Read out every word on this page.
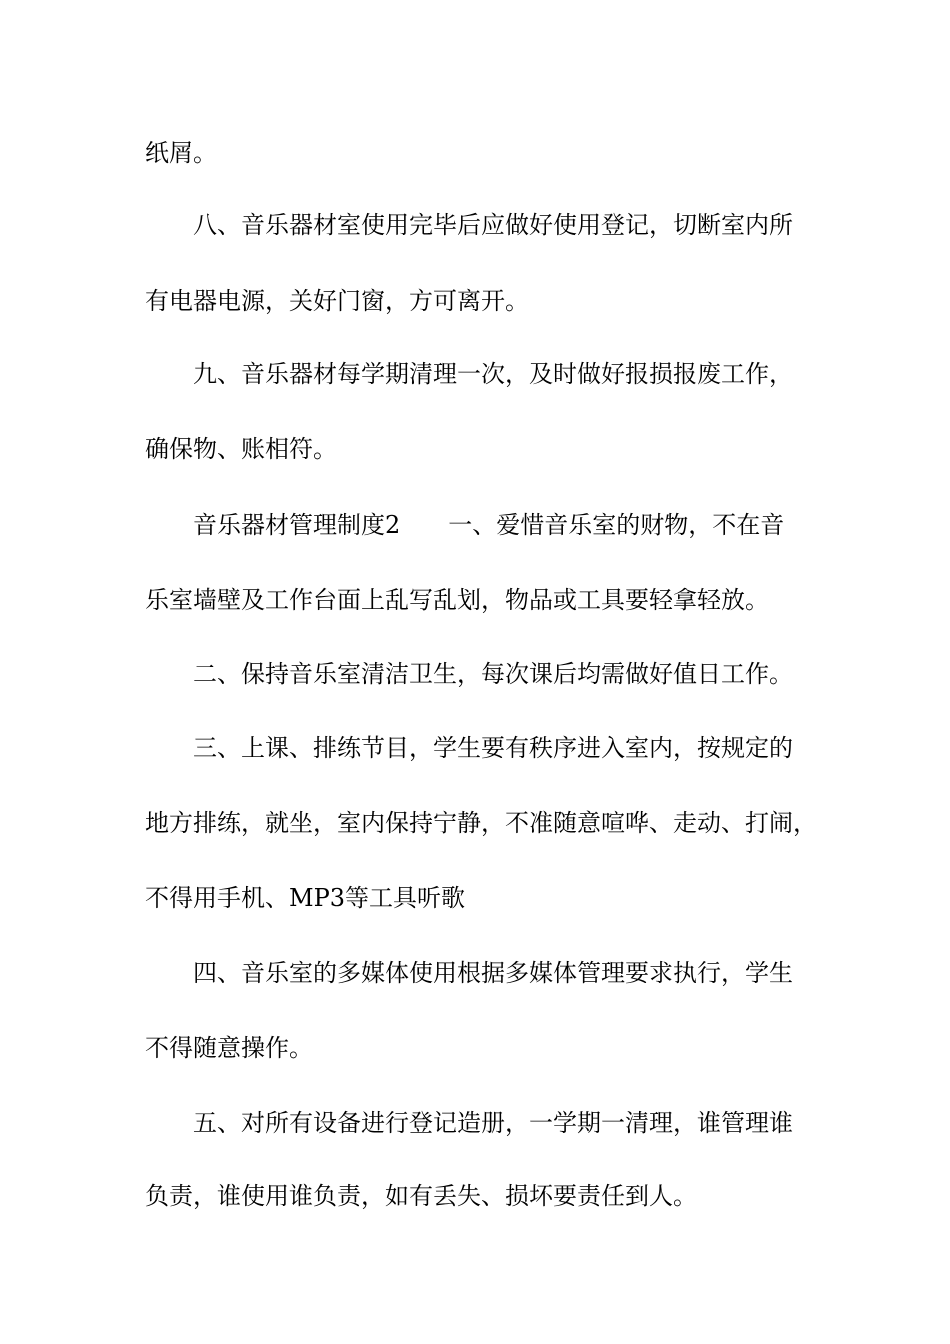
纸屑。
八、音乐器材室使用完毕后应做好使用登记，切断室内所
有电器电源，关好门窗，方可离开。
九、音乐器材每学期清理一次，及时做好报损报废工作，
确保物、账相符。
音乐器材管理制度2　　一、爱惜音乐室的财物，不在音
乐室墙壁及工作台面上乱写乱划，物品或工具要轻拿轻放。
二、保持音乐室清洁卫生，每次课后均需做好值日工作。
三、上课、排练节目，学生要有秩序进入室内，按规定的
地方排练，就坐，室内保持宁静，不准随意喧哗、走动、打闹，
不得用手机、MP3等工具听歌
四、音乐室的多媒体使用根据多媒体管理要求执行，学生
不得随意操作。
五、对所有设备进行登记造册，一学期一清理，谁管理谁
负责，谁使用谁负责，如有丢失、损坏要责任到人。
